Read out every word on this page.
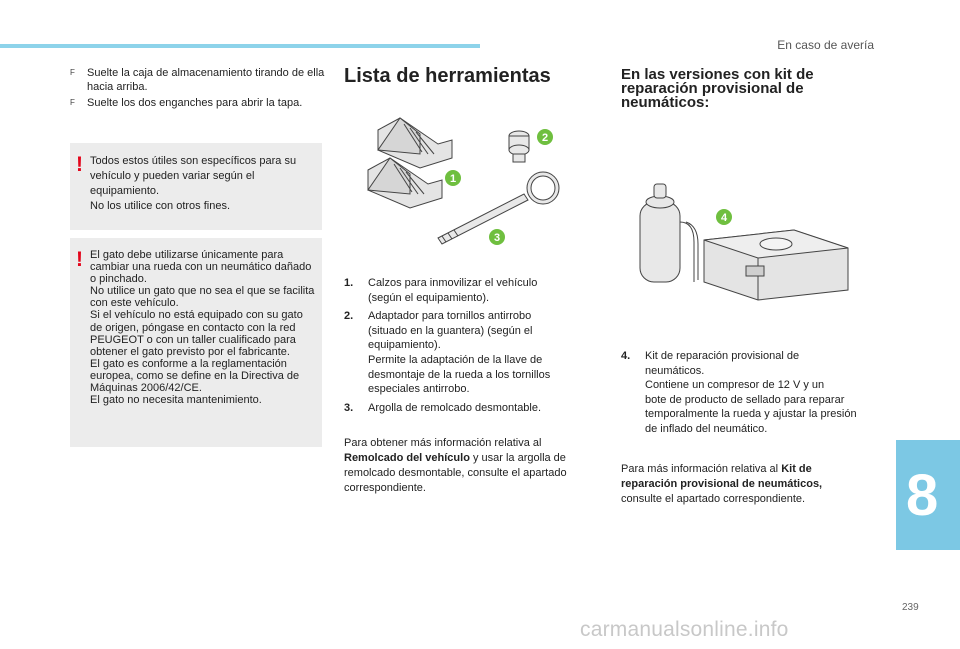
En caso de avería
F	Suelte la caja de almacenamiento tirando de ella hacia arriba.
F	Suelte los dos enganches para abrir la tapa.
! Todos estos útiles son específicos para su vehículo y pueden variar según el equipamiento.
No los utilice con otros fines.
! El gato debe utilizarse únicamente para cambiar una rueda con un neumático dañado o pinchado.
No utilice un gato que no sea el que se facilita con este vehículo.
Si el vehículo no está equipado con su gato de origen, póngase en contacto con la red PEUGEOT o con un taller cualificado para obtener el gato previsto por el fabricante.
El gato es conforme a la reglamentación europea, como se define en la Directiva de Máquinas 2006/42/CE.
El gato no necesita mantenimiento.
Lista de herramientas
1
2
3
1.	Calzos para inmovilizar el vehículo
(según el equipamiento).
2.	Adaptador para tornillos antirrobo
(situado en la guantera) (según el
equipamiento).
Permite la adaptación de la llave de
desmontaje de la rueda a los tornillos
especiales antirrobo.
3.	Argolla de remolcado desmontable.
Para obtener más información relativa al
Remolcado del vehículo y usar la argolla de
remolcado desmontable, consulte el apartado
correspondiente.
En las versiones con kit de reparación provisional de neumáticos:
4
4.	Kit de reparación provisional de
neumáticos.
Contiene un compresor de 12 V y un
bote de producto de sellado para reparar
temporalmente la rueda y ajustar la presión
de inflado del neumático.
Para más información relativa al Kit de
reparación provisional de neumáticos,
consulte el apartado correspondiente.	8
239
carmanualsonline.info
